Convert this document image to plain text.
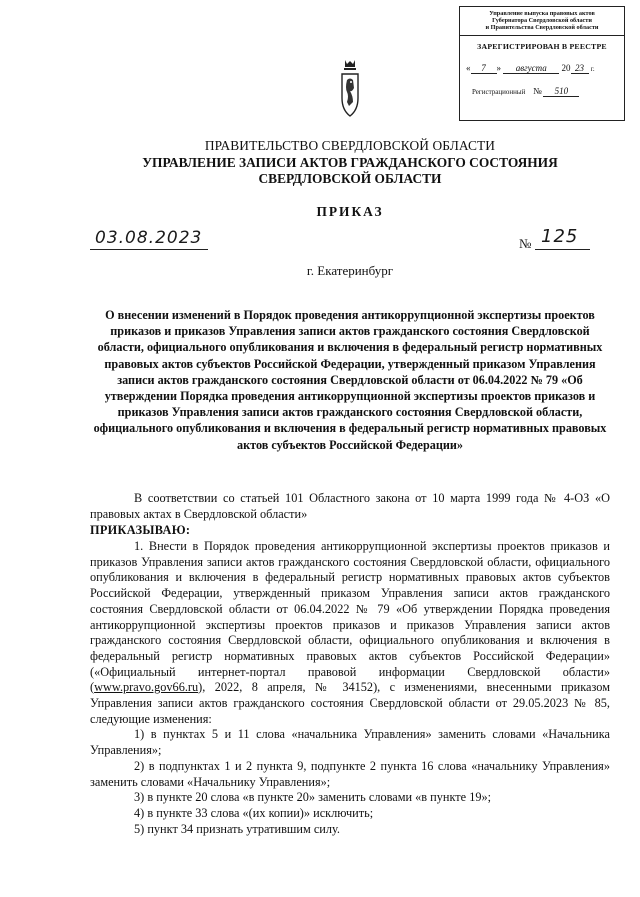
Управление выпуска правовых актов
Губернатора Свердловской области
и Правительства Свердловской области
ЗАРЕГИСТРИРОВАН В РЕЕСТРЕ
« 7 » августа 20 23 г.
Регистрационный № 510
ПРАВИТЕЛЬСТВО СВЕРДЛОВСКОЙ ОБЛАСТИ
УПРАВЛЕНИЕ ЗАПИСИ АКТОВ ГРАЖДАНСКОГО СОСТОЯНИЯ
СВЕРДЛОВСКОЙ ОБЛАСТИ
ПРИКАЗ
03.08.2023	№ 125
г. Екатеринбург
О внесении изменений в Порядок проведения антикоррупционной экспертизы проектов приказов и приказов Управления записи актов гражданского состояния Свердловской области, официального опубликования и включения в федеральный регистр нормативных правовых актов субъектов Российской Федерации, утвержденный приказом Управления записи актов гражданского состояния Свердловской области от 06.04.2022 № 79 «Об утверждении Порядка проведения антикоррупционной экспертизы проектов приказов и приказов Управления записи актов гражданского состояния Свердловской области, официального опубликования и включения в федеральный регистр нормативных правовых актов субъектов Российской Федерации»

В соответствии со статьей 101 Областного закона от 10 марта 1999 года № 4-ОЗ «О правовых актах в Свердловской области»

ПРИКАЗЫВАЮ:

1. Внести в Порядок проведения антикоррупционной экспертизы проектов приказов и приказов Управления записи актов гражданского состояния Свердловской области, официального опубликования и включения в федеральный регистр нормативных правовых актов субъектов Российской Федерации, утвержденный приказом Управления записи актов гражданского состояния Свердловской области от 06.04.2022 № 79 «Об утверждении Порядка проведения антикоррупционной экспертизы проектов приказов и приказов Управления записи актов гражданского состояния Свердловской области, официального опубликования и включения в федеральный регистр нормативных правовых актов субъектов Российской Федерации» («Официальный интернет-портал правовой информации Свердловской области» (www.pravo.gov66.ru), 2022, 8 апреля, № 34152), с изменениями, внесенными приказом Управления записи актов гражданского состояния Свердловской области от 29.05.2023 № 85, следующие изменения:

1) в пунктах 5 и 11 слова «начальника Управления» заменить словами «Начальника Управления»;

2) в подпунктах 1 и 2 пункта 9, подпункте 2 пункта 16 слова «начальнику Управления» заменить словами «Начальнику Управления»;

3) в пункте 20 слова «в пункте 20» заменить словами «в пункте 19»;

4) в пункте 33 слова «(их копии)» исключить;

5) пункт 34 признать утратившим силу.
